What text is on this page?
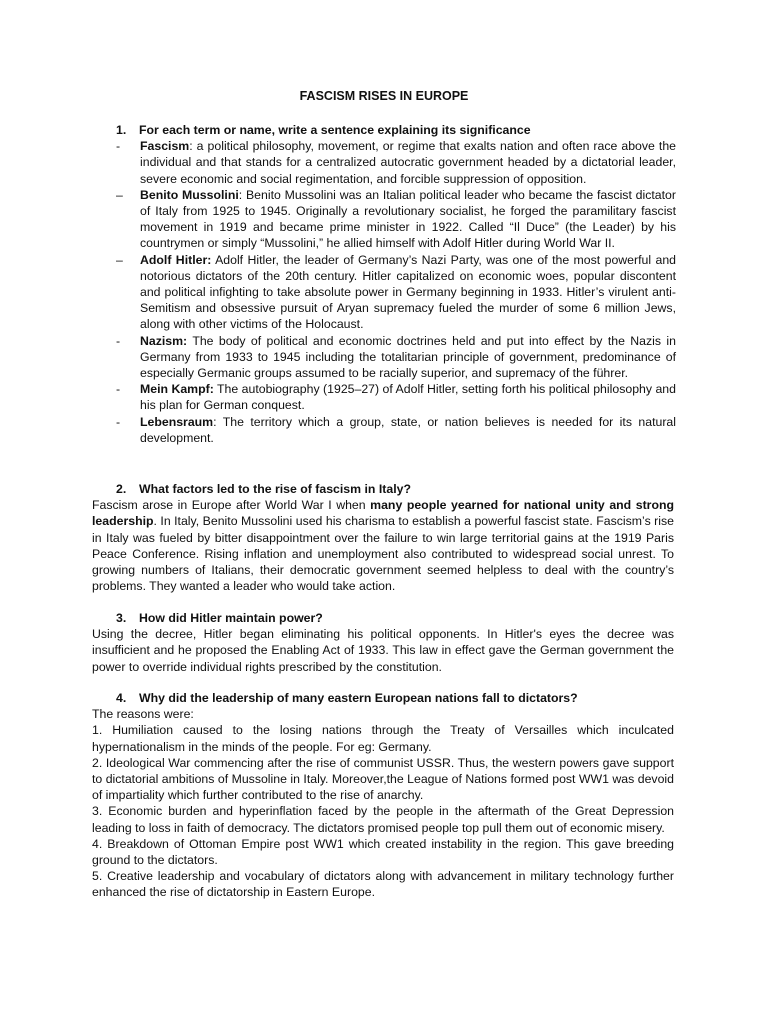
FASCISM RISES IN EUROPE
1.	For each term or name, write a sentence explaining its significance
-	Fascism: a political philosophy, movement, or regime that exalts nation and often race above the individual and that stands for a centralized autocratic government headed by a dictatorial leader, severe economic and social regimentation, and forcible suppression of opposition.
–	Benito Mussolini: Benito Mussolini was an Italian political leader who became the fascist dictator of Italy from 1925 to 1945. Originally a revolutionary socialist, he forged the paramilitary fascist movement in 1919 and became prime minister in 1922. Called “Il Duce” (the Leader) by his countrymen or simply “Mussolini,” he allied himself with Adolf Hitler during World War II.
–	Adolf Hitler: Adolf Hitler, the leader of Germany’s Nazi Party, was one of the most powerful and notorious dictators of the 20th century. Hitler capitalized on economic woes, popular discontent and political infighting to take absolute power in Germany beginning in 1933. Hitler’s virulent anti-Semitism and obsessive pursuit of Aryan supremacy fueled the murder of some 6 million Jews, along with other victims of the Holocaust.
-	Nazism: The body of political and economic doctrines held and put into effect by the Nazis in Germany from 1933 to 1945 including the totalitarian principle of government, predominance of especially Germanic groups assumed to be racially superior, and supremacy of the führer.
-	Mein Kampf: The autobiography (1925–27) of Adolf Hitler, setting forth his political philosophy and his plan for German conquest.
-	Lebensraum: The territory which a group, state, or nation believes is needed for its natural development.
2.	What factors led to the rise of fascism in Italy?
Fascism arose in Europe after World War I when many people yearned for national unity and strong leadership. In Italy, Benito Mussolini used his charisma to establish a powerful fascist state. Fascism’s rise in Italy was fueled by bitter disappointment over the failure to win large territorial gains at the 1919 Paris Peace Conference. Rising inflation and unemployment also contributed to widespread social unrest. To growing numbers of Italians, their democratic government seemed helpless to deal with the country’s problems. They wanted a leader who would take action.
3.	How did Hitler maintain power?
Using the decree, Hitler began eliminating his political opponents. In Hitler's eyes the decree was insufficient and he proposed the Enabling Act of 1933. This law in effect gave the German government the power to override individual rights prescribed by the constitution.
4.	Why did the leadership of many eastern European nations fall to dictators?
The reasons were:
1. Humiliation caused to the losing nations through the Treaty of Versailles which inculcated hypernationalism in the minds of the people. For eg: Germany.
2. Ideological War commencing after the rise of communist USSR. Thus, the western powers gave support to dictatorial ambitions of Mussoline in Italy. Moreover,the League of Nations formed post WW1 was devoid of impartiality which further contributed to the rise of anarchy.
3. Economic burden and hyperinflation faced by the people in the aftermath of the Great Depression leading to loss in faith of democracy. The dictators promised people top pull them out of economic misery.
4. Breakdown of Ottoman Empire post WW1 which created instability in the region. This gave breeding ground to the dictators.
5. Creative leadership and vocabulary of dictators along with advancement in military technology further enhanced the rise of dictatorship in Eastern Europe.
